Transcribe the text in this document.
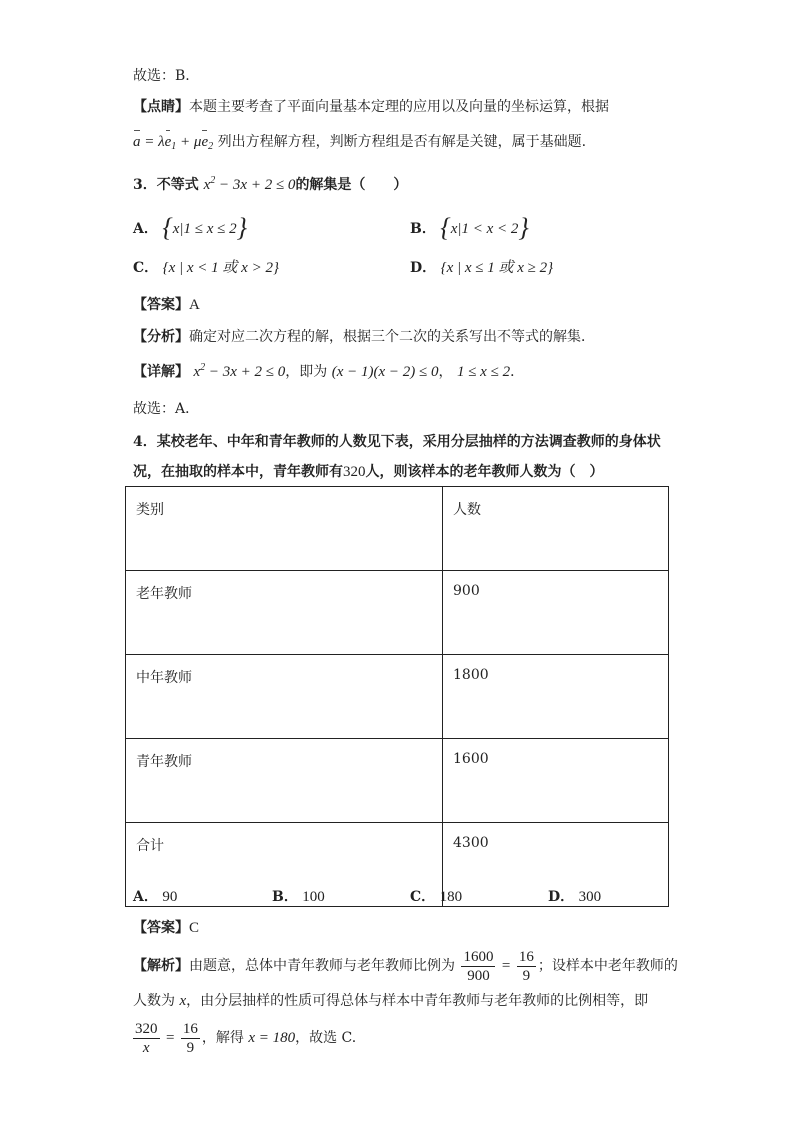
故选：B.
【点睛】本题主要考查了平面向量基本定理的应用以及向量的坐标运算，根据
$a = \lambda e_1 + \mu e_2$ 列出方程解方程，判断方程组是否有解是关键，属于基础题.
3．不等式 $x^2 - 3x + 2 \le 0$的解集是（　　）
A． {x|1 ≤ x ≤ 2}	B． {x|1 < x < 2}
C． {x | x < 1 或 x > 2}	D． {x | x ≤ 1 或 x ≥ 2}
【答案】A
【分析】确定对应二次方程的解，根据三个二次的关系写出不等式的解集．
【详解】 $x^2 - 3x + 2 \le 0$，即为 (x − 1)(x − 2) ≤ 0， 1 ≤ x ≤ 2．
故选：A．
4．某校老年、中年和青年教师的人数见下表，采用分层抽样的方法调查教师的身体状
况，在抽取的样本中，青年教师有320人，则该样本的老年教师人数为（　）
类别	人数
老年教师	900
中年教师	1800
青年教师	1600
合计	4300
A． 90	B． 100	C． 180	D． 300
【答案】C
【解析】由题意，总体中青年教师与老年教师比例为 $\frac{1600}{900} = \frac{16}{9}$ ；设样本中老年教师的
人数为 x，由分层抽样的性质可得总体与样本中青年教师与老年教师的比例相等，即
$\frac{320}{x} = \frac{16}{9}$ ，解得 x = 180，故选 C.
